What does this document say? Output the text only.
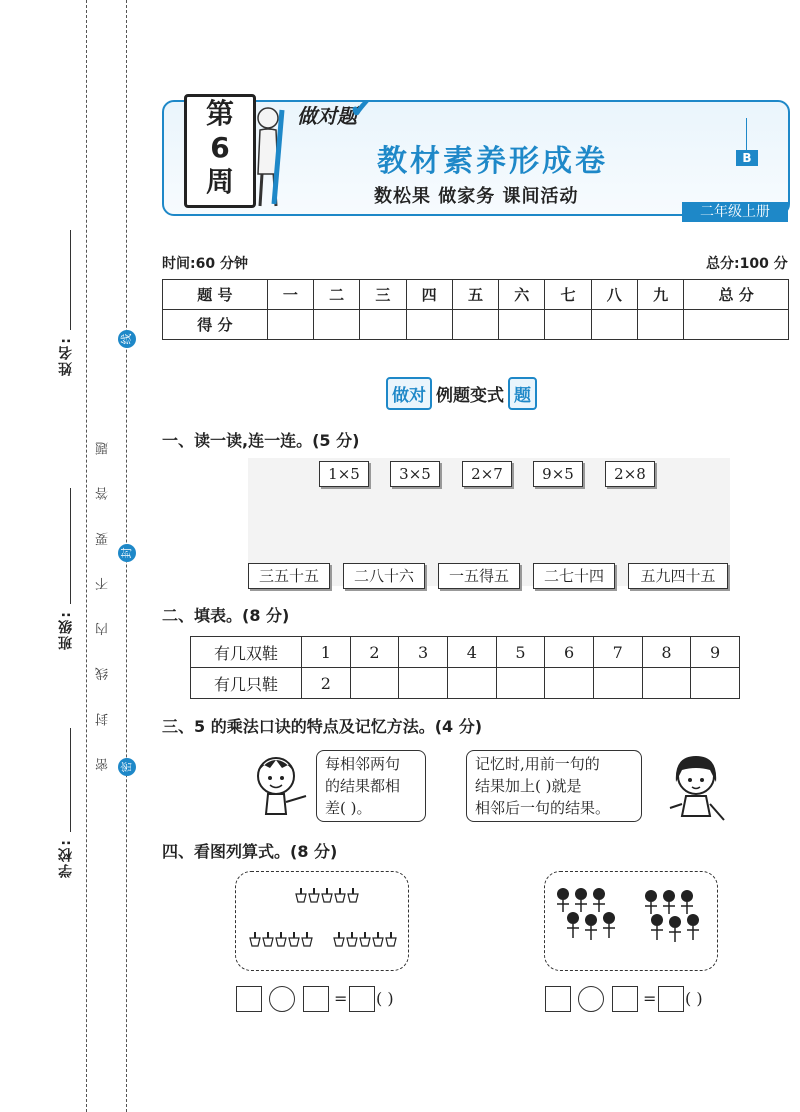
姓名:
班级:
学校:
线
封
密
密 封 线 内 不 要 答 题
第
6
周
做对题
✔
教材素养形成卷
数松果 做家务 课间活动
B
二年级上册
时间:60 分钟	总分:100 分
题 号	一	二	三	四	五	六	七	八	九	总 分
得 分										
做对 例题变式 题
一、读一读,连一连。(5 分)
1×5	3×5	2×7	9×5	2×8
三五十五	二八十六	一五得五	二七十四	五九四十五
二、填表。(8 分)
有几双鞋	1	2	3	4	5	6	7	8	9
有几只鞋	2								
三、5 的乘法口诀的特点及记忆方法。(4 分)
每相邻两句
的结果都相
差( )。
记忆时,用前一句的
结果加上( )就是
相邻后一句的结果。
四、看图列算式。(8 分)
= ( )	= ( )
